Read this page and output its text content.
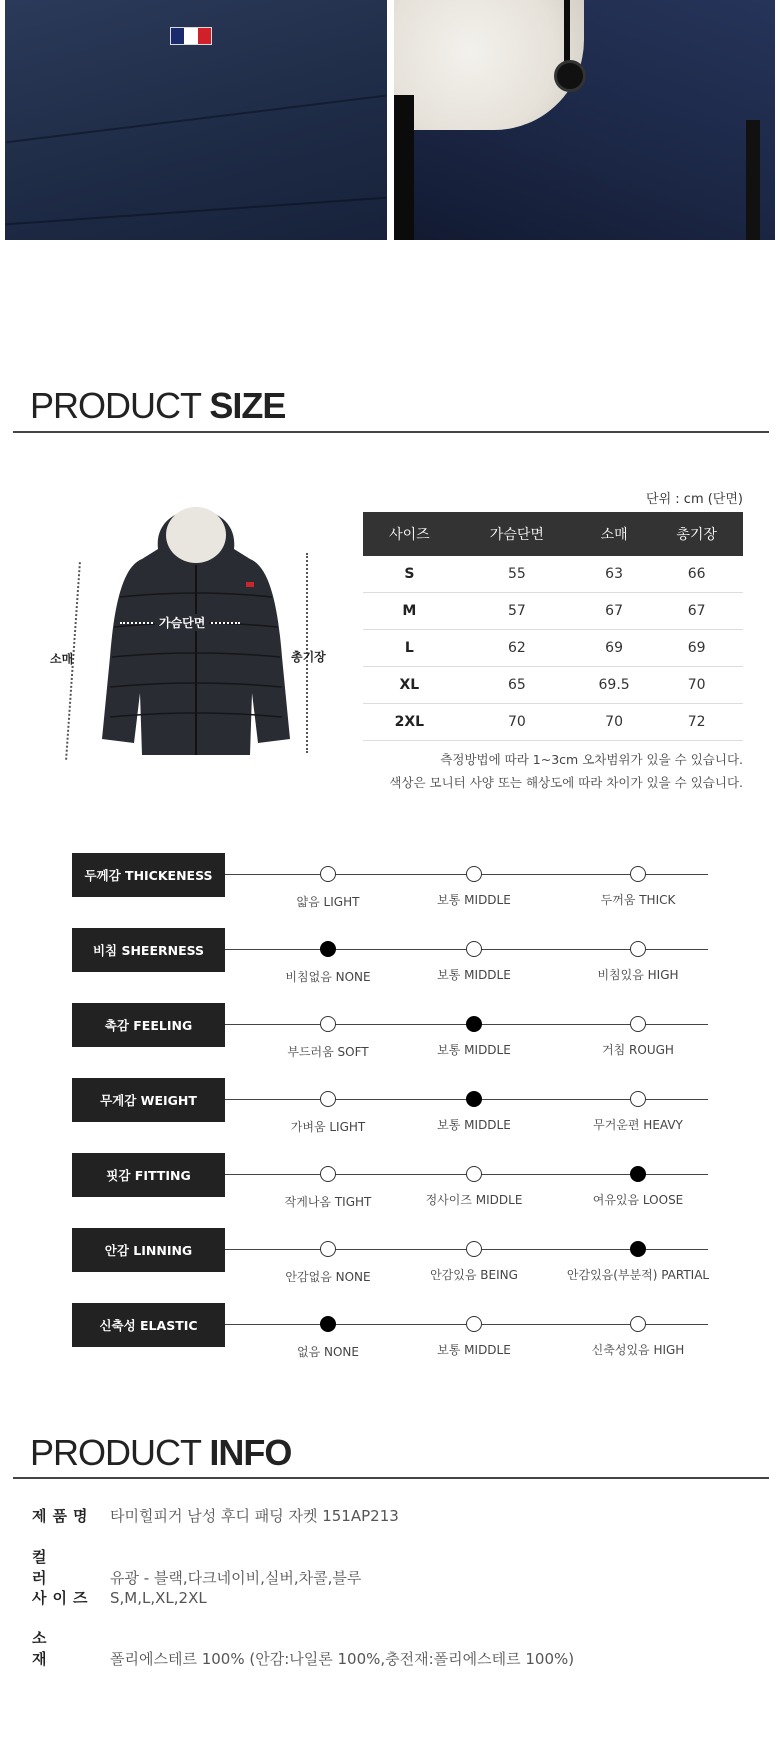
PRODUCT SIZE
소매
가슴단면
총기장
단위 : cm (단면)
사이즈	가슴단면	소매	총기장
S	55	63	66
M	57	67	67
L	62	69	69
XL	65	69.5	70
2XL	70	70	72
측정방법에 따라 1~3cm 오차범위가 있을 수 있습니다.
색상은 모니터 사양 또는 해상도에 따라 차이가 있을 수 있습니다.
두께감 THICKENESS
얇음 LIGHT	보통 MIDDLE	두꺼움 THICK
비침 SHEERNESS
비침없음 NONE	보통 MIDDLE	비침있음 HIGH
촉감 FEELING
부드러움 SOFT	보통 MIDDLE	거침 ROUGH
무게감 WEIGHT
가벼움 LIGHT	보통 MIDDLE	무거운편 HEAVY
핏감 FITTING
작게나옴 TIGHT	정사이즈 MIDDLE	여유있음 LOOSE
안감 LINNING
안감없음 NONE	안감있음 BEING	안감있음(부분적) PARTIAL
신축성 ELASTIC
없음 NONE	보통 MIDDLE	신축성있음 HIGH
PRODUCT INFO
제품명 타미힐피거 남성 후디 패딩 자켓 151AP213
컬러	유광 - 블랙,다크네이비,실버,차콜,블루
사이즈 S,M,L,XL,2XL
소재	폴리에스테르 100% (안감:나일론 100%,충전재:폴리에스테르 100%)
